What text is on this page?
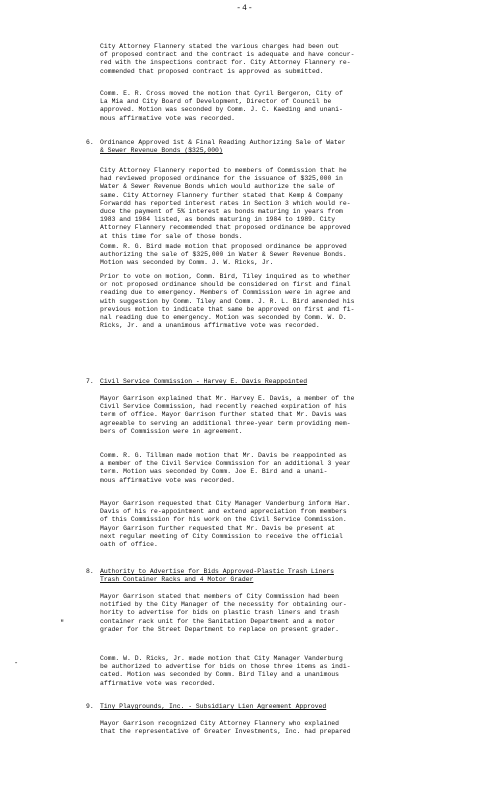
-4-
City Attorney Flannery stated the various charges had been out
of proposed contract and the contract is adequate and have concur-
red with the inspections contract for. City Attorney Flannery re-
commended that proposed contract is approved as submitted.
Comm. E. R. Cross moved the motion that Cyril Bergeron, City of
La Mia and City Board of Development, Director of Council be
approved. Motion was seconded by Comm. J. C. Kaeding and unani-
mous affirmative vote was recorded.
6. Ordinance Approved 1st & Final Reading Authorizing Sale of Water
& Sewer Revenue Bonds ($325,000)
City Attorney Flannery reported to members of Commission that he
had reviewed proposed ordinance for the issuance of $325,000 in
Water & Sewer Revenue Bonds which would authorize the sale of
same. City Attorney Flannery further stated that Kemp & Company
Forwardd has reported interest rates in Section 3 which would re-
duce the payment of 5% interest as bonds maturing in years from
1983 and 1984 listed, as bonds maturing in 1984 to 1989. City
Attorney Flannery recommended that proposed ordinance be approved
at this time for sale of those bonds.
Comm. R. G. Bird made motion that proposed ordinance be approved
authorizing the sale of $325,000 in Water & Sewer Revenue Bonds.
Motion was seconded by Comm. J. W. Ricks, Jr.
Prior to vote on motion, Comm. Bird, Tiley inquired as to whether
or not proposed ordinance should be considered on first and final
reading due to emergency. Members of Commission were in agree and
with suggestion by Comm. Tiley and Comm. J. R. L. Bird amended his
previous motion to indicate that same be approved on first and fi-
nal reading due to emergency. Motion was seconded by Comm. W. D.
Ricks, Jr. and a unanimous affirmative vote was recorded.
7. Civil Service Commission - Harvey E. Davis Reappointed
Mayor Garrison explained that Mr. Harvey E. Davis, a member of the
Civil Service Commission, had recently reached expiration of his
term of office. Mayor Garrison further stated that Mr. Davis was
agreeable to serving an additional three-year term providing mem-
bers of Commission were in agreement.
Comm. R. G. Tillman made motion that Mr. Davis be reappointed as
a member of the Civil Service Commission for an additional 3 year
term. Motion was seconded by Comm. Joe E. Bird and a unani-
mous affirmative vote was recorded.
Mayor Garrison requested that City Manager Vanderburg inform Har.
Davis of his re-appointment and extend appreciation from members
of this Commission for his work on the Civil Service Commission.
Mayor Garrison further requested that Mr. Davis be present at
next regular meeting of City Commission to receive the official
oath of office.
8. Authority to Advertise for Bids Approved-Plastic Trash Liners
Trash Container Racks and 4 Motor Grader
Mayor Garrison stated that members of City Commission had been
notified by the City Manager of the necessity for obtaining our-
hority to advertise for bids on plastic trash liners and trash
container rack unit for the Sanitation Department and a motor
grader for the Street Department to replace on present grader.
Comm. W. D. Ricks, Jr. made motion that City Manager Vanderburg
be authorized to advertise for bids on those three items as indi-
cated. Motion was seconded by Comm. Bird Tiley and a unanimous
affirmative vote was recorded.
9. Tiny Playgrounds, Inc. - Subsidiary Lien Agreement Approved
Mayor Garrison recognized City Attorney Flannery who explained
that the representative of Greater Investments, Inc. had prepared
-
"
